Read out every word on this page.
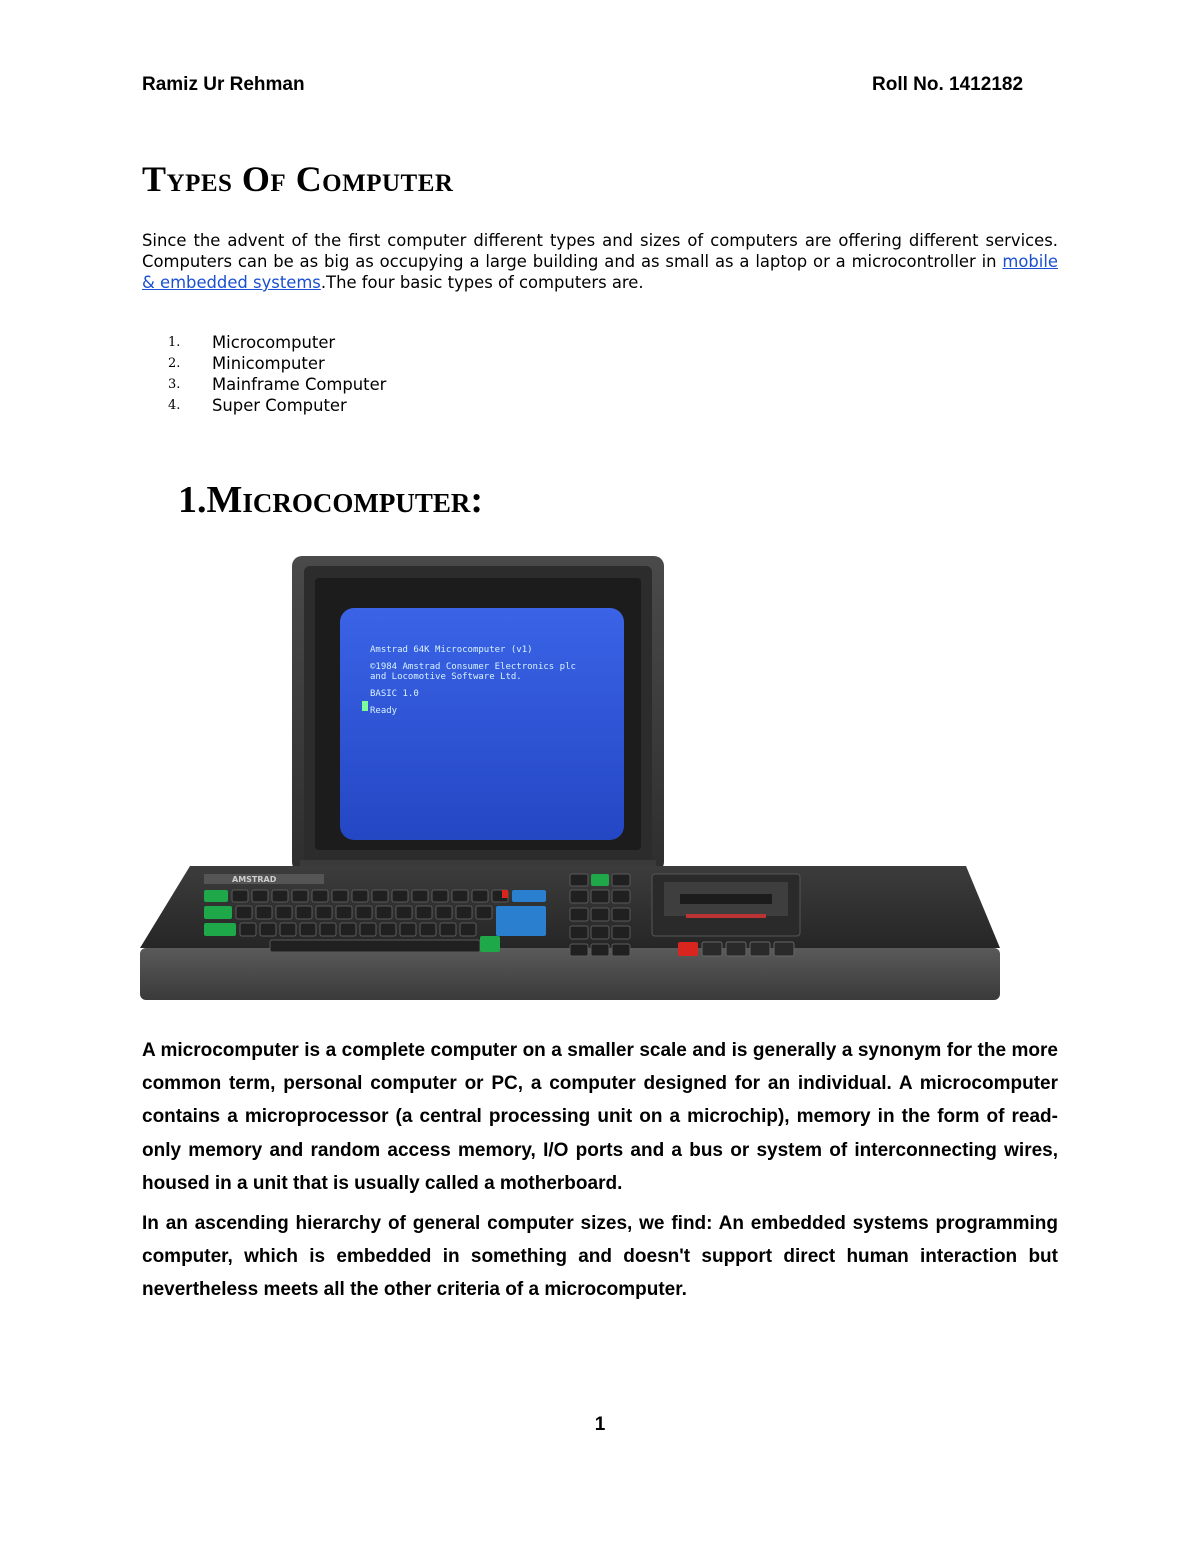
Ramiz Ur Rehman	Roll No. 1412182
Types Of Computer

Since the advent of the first computer different types and sizes of computers are offering different services. Computers can be as big as occupying a large building and as small as a laptop or a microcontroller in mobile & embedded systems.The four basic types of computers are.

1.	Microcomputer
2.	Minicomputer
3.	Mainframe Computer
4.	Super Computer
1.Microcomputer:
Amstrad 64K Microcomputer (v1)
©1984 Amstrad Consumer Electronics plc
and Locomotive Software Ltd.
BASIC 1.0
Ready
AMSTRAD

A microcomputer is a complete computer on a smaller scale and is generally a synonym for the more common term, personal computer or PC, a computer designed for an individual. A microcomputer contains a microprocessor (a central processing unit on a microchip), memory in the form of read-only memory and random access memory, I/O ports and a bus or system of interconnecting wires, housed in a unit that is usually called a motherboard.

In an ascending hierarchy of general computer sizes, we find: An embedded systems programming computer, which is embedded in something and doesn't support direct human interaction but nevertheless meets all the other criteria of a microcomputer.

1
